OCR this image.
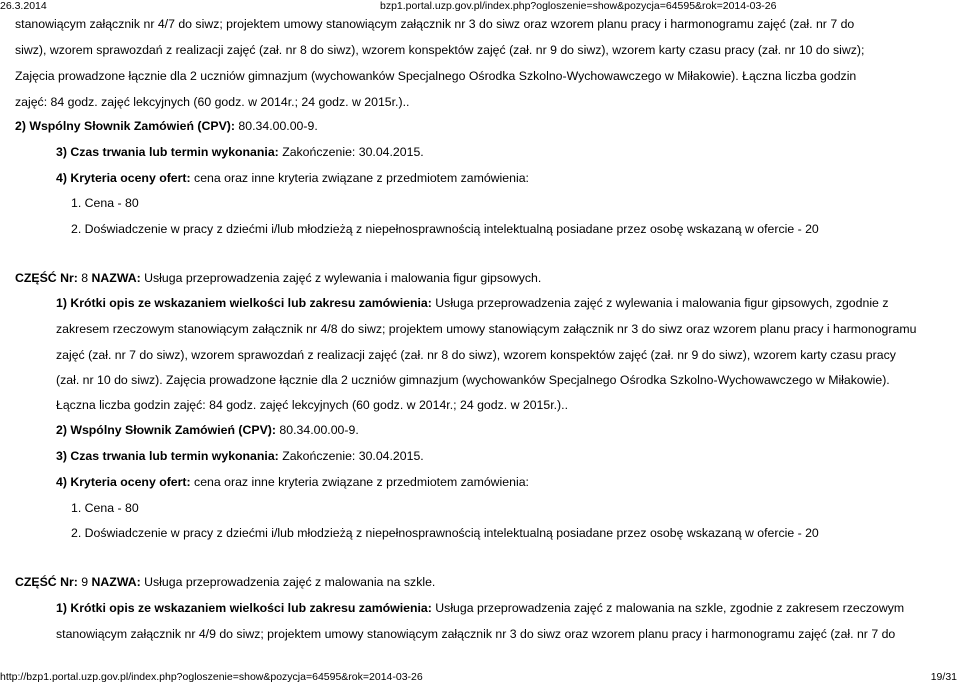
26.3.2014	bzp1.portal.uzp.gov.pl/index.php?ogloszenie=show&pozycja=64595&rok=2014-03-26
stanowiącym załącznik nr 4/7 do siwz; projektem umowy stanowiącym załącznik nr 3 do siwz oraz wzorem planu pracy i harmonogramu zajęć (zał. nr 7 do
siwz), wzorem sprawozdań z realizacji zajęć (zał. nr 8 do siwz), wzorem konspektów zajęć (zał. nr 9 do siwz), wzorem karty czasu pracy (zał. nr 10 do siwz);
Zajęcia prowadzone łącznie dla 2 uczniów gimnazjum (wychowanków Specjalnego Ośrodka Szkolno-Wychowawczego w Miłakowie). Łączna liczba godzin
zajęć: 84 godz. zajęć lekcyjnych (60 godz. w 2014r.; 24 godz. w 2015r.)..
2) Wspólny Słownik Zamówień (CPV): 80.34.00.00-9.
3) Czas trwania lub termin wykonania: Zakończenie: 30.04.2015.
4) Kryteria oceny ofert: cena oraz inne kryteria związane z przedmiotem zamówienia:
1. Cena - 80
2. Doświadczenie w pracy z dziećmi i/lub młodzieżą z niepełnosprawnością intelektualną posiadane przez osobę wskazaną w ofercie - 20
CZĘŚĆ Nr: 8 NAZWA: Usługa przeprowadzenia zajęć z wylewania i malowania figur gipsowych.
1) Krótki opis ze wskazaniem wielkości lub zakresu zamówienia: Usługa przeprowadzenia zajęć z wylewania i malowania figur gipsowych, zgodnie z
zakresem rzeczowym stanowiącym załącznik nr 4/8 do siwz; projektem umowy stanowiącym załącznik nr 3 do siwz oraz wzorem planu pracy i harmonogramu
zajęć (zał. nr 7 do siwz), wzorem sprawozdań z realizacji zajęć (zał. nr 8 do siwz), wzorem konspektów zajęć (zał. nr 9 do siwz), wzorem karty czasu pracy
(zał. nr 10 do siwz). Zajęcia prowadzone łącznie dla 2 uczniów gimnazjum (wychowanków Specjalnego Ośrodka Szkolno-Wychowawczego w Miłakowie).
Łączna liczba godzin zajęć: 84 godz. zajęć lekcyjnych (60 godz. w 2014r.; 24 godz. w 2015r.)..
2) Wspólny Słownik Zamówień (CPV): 80.34.00.00-9.
3) Czas trwania lub termin wykonania: Zakończenie: 30.04.2015.
4) Kryteria oceny ofert: cena oraz inne kryteria związane z przedmiotem zamówienia:
1. Cena - 80
2. Doświadczenie w pracy z dziećmi i/lub młodzieżą z niepełnosprawnością intelektualną posiadane przez osobę wskazaną w ofercie - 20
CZĘŚĆ Nr: 9 NAZWA: Usługa przeprowadzenia zajęć z malowania na szkle.
1) Krótki opis ze wskazaniem wielkości lub zakresu zamówienia: Usługa przeprowadzenia zajęć z malowania na szkle, zgodnie z zakresem rzeczowym
stanowiącym załącznik nr 4/9 do siwz; projektem umowy stanowiącym załącznik nr 3 do siwz oraz wzorem planu pracy i harmonogramu zajęć (zał. nr 7 do
http://bzp1.portal.uzp.gov.pl/index.php?ogloszenie=show&pozycja=64595&rok=2014-03-26	19/31
